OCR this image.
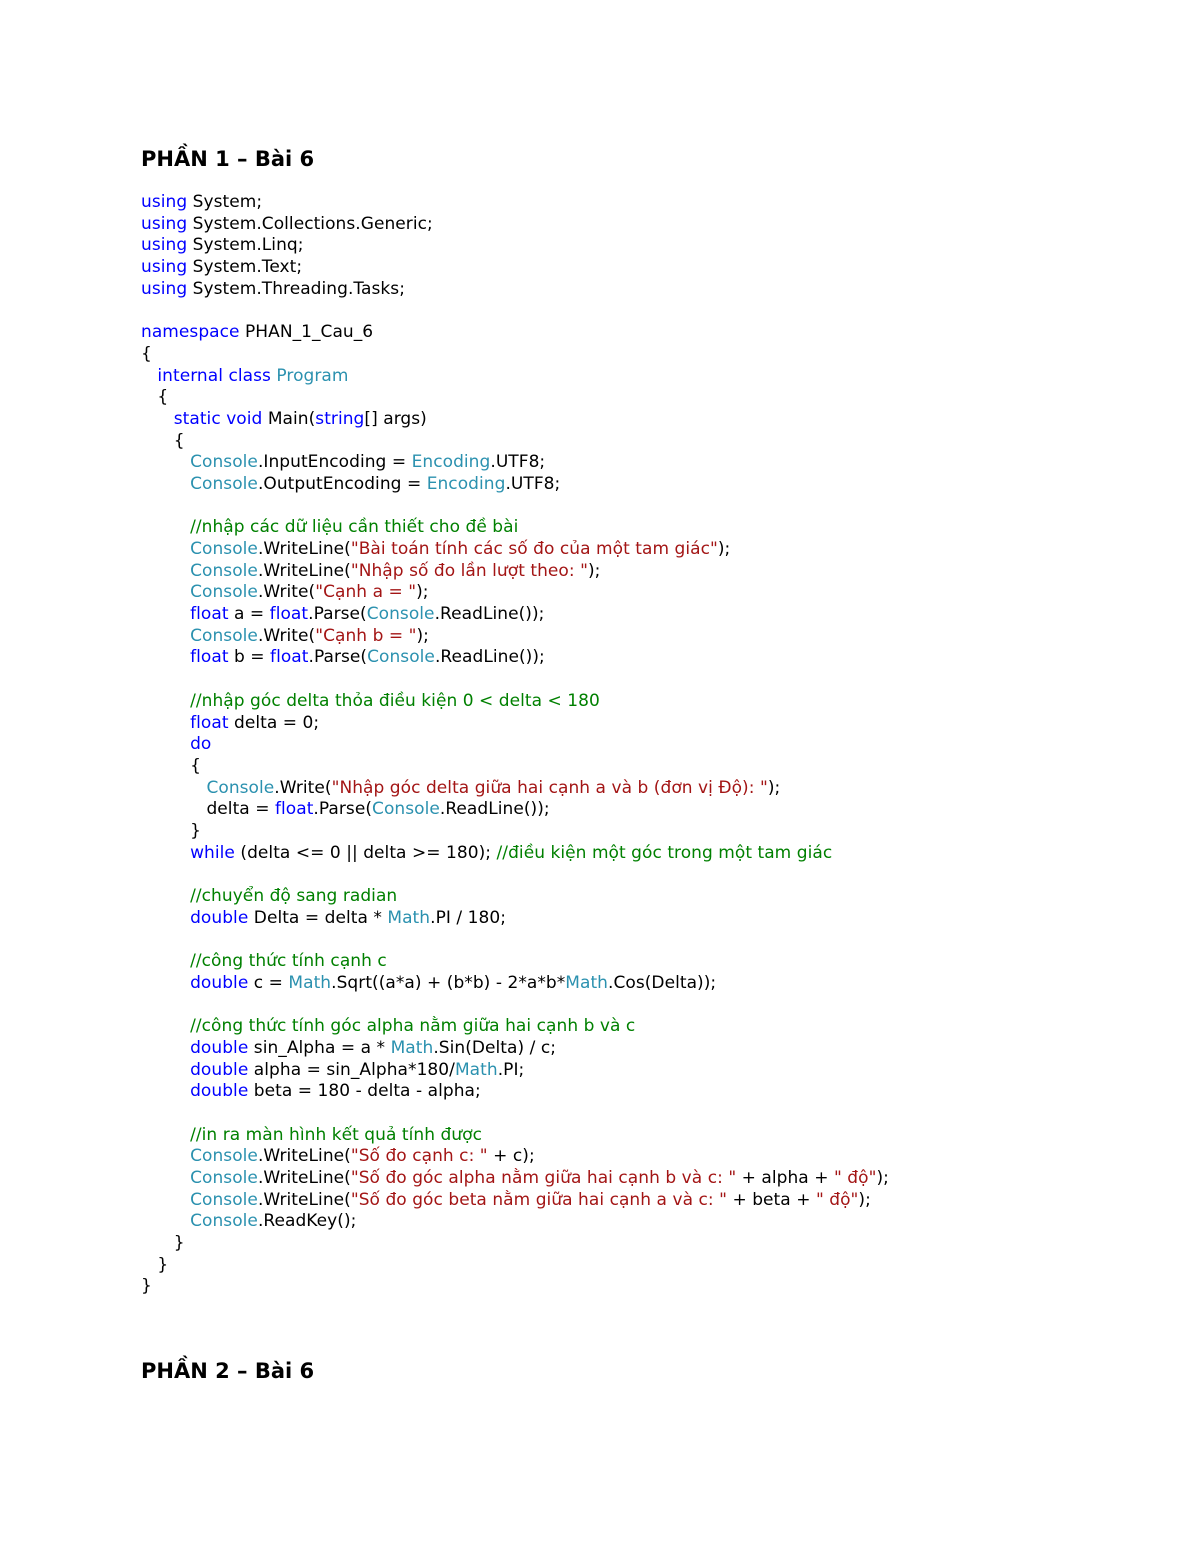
PHẦN 1 – Bài 6
using System;
using System.Collections.Generic;
using System.Linq;
using System.Text;
using System.Threading.Tasks;
namespace PHAN_1_Cau_6
{
internal class Program
{
static void Main(string[] args)
{
Console.InputEncoding = Encoding.UTF8;
Console.OutputEncoding = Encoding.UTF8;
//nhập các dữ liệu cần thiết cho đề bài
Console.WriteLine("Bài toán tính các số đo của một tam giác");
Console.WriteLine("Nhập số đo lần lượt theo: ");
Console.Write("Cạnh a = ");
float a = float.Parse(Console.ReadLine());
Console.Write("Cạnh b = ");
float b = float.Parse(Console.ReadLine());
//nhập góc delta thỏa điều kiện 0 < delta < 180
float delta = 0;
do
{
Console.Write("Nhập góc delta giữa hai cạnh a và b (đơn vị Độ): ");
delta = float.Parse(Console.ReadLine());
}
while (delta <= 0 || delta >= 180); //điều kiện một góc trong một tam giác
//chuyển độ sang radian
double Delta = delta * Math.PI / 180;
//công thức tính cạnh c
double c = Math.Sqrt((a*a) + (b*b) - 2*a*b*Math.Cos(Delta));
//công thức tính góc alpha nằm giữa hai cạnh b và c
double sin_Alpha = a * Math.Sin(Delta) / c;
double alpha = sin_Alpha*180/Math.PI;
double beta = 180 - delta - alpha;
//in ra màn hình kết quả tính được
Console.WriteLine("Số đo cạnh c: " + c);
Console.WriteLine("Số đo góc alpha nằm giữa hai cạnh b và c: " + alpha + " độ");
Console.WriteLine("Số đo góc beta nằm giữa hai cạnh a và c: " + beta + " độ");
Console.ReadKey();
}
}
}
PHẦN 2 – Bài 6
